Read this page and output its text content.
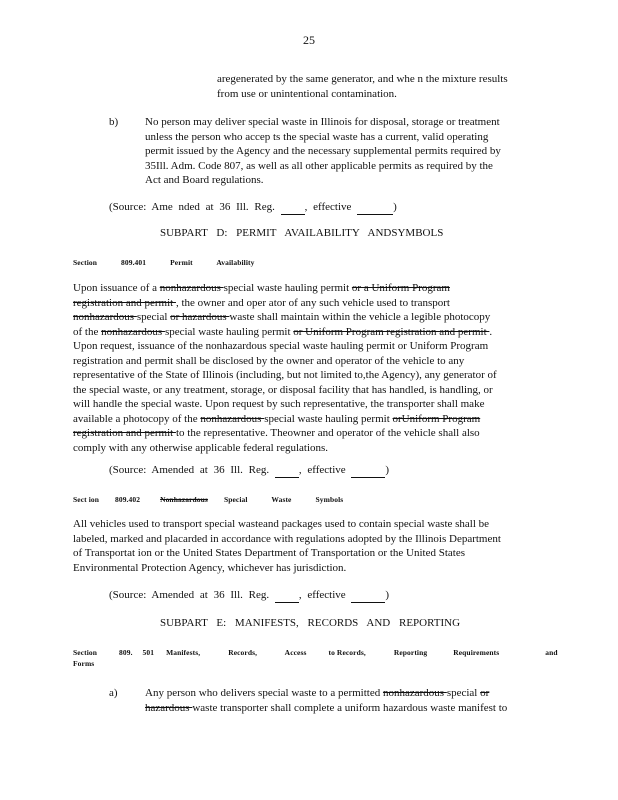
25
aregenerated by the same generator, and whe n the mixture results
from use or unintentional contamination.
b)	No person may deliver special waste in Illinois for disposal, storage or treatment
unless the person who accep ts the special waste has a current, valid operating
permit issued by the Agency and the necessary supplemental permits required by
35Ill. Adm. Code 807, as well as all other applicable permits as required by the
Act and Board regulations.
(Source: Ame nded at 36 Ill. Reg.	, effective	)
SUBPART D: PERMIT AVAILABILITY ANDSYMBOLS
Section	809.401	Permit	Availability
Upon issuance of a nonhazardous special waste hauling permit or a Uniform Program
registration and permit , the owner and oper ator of any such vehicle used to transport
nonhazardous special or hazardous waste shall maintain within the vehicle a legible photocopy
of the nonhazardous special waste hauling permit or Uniform Program registration and permit .
Upon request, issuance of the nonhazardous special waste hauling permit or Uniform Program
registration and permit shall be disclosed by the owner and operator of the vehicle to any
representative of the State of Illinois (including, but not limited to,the Agency), any generator of
the special waste, or any treatment, storage, or disposal facility that has handled, is handling, or
will handle the special waste. Upon request by such representative, the transporter shall make
available a photocopy of the nonhazardous special waste hauling permit orUniform Program
registration and permit to the representative. Theowner and operator of the vehicle shall also
comply with any otherwise applicable federal regulations.
(Source: Amended at 36 Ill. Reg.	, effective	)
Sect ion 809.402	Nonhazardous Special	Waste	Symbols
All vehicles used to transport special wasteand packages used to contain special waste shall be
labeled, marked and placarded in accordance with regulations adopted by the Illinois Department
of Transportat ion or the United States Department of Transportation or the United States
Environmental Protection Agency, whichever has jurisdiction.
(Source: Amended at 36 Ill. Reg.	, effective	)
SUBPART E: MANIFESTS, RECORDS AND REPORTING
Section	809. 501 Manifests,	Records,	Access	to Records,	Reporting	Requirements	and
Forms
a)	Any person who delivers special waste to a permitted nonhazardous special or
hazardous waste transporter shall complete a uniform hazardous waste manifest to
